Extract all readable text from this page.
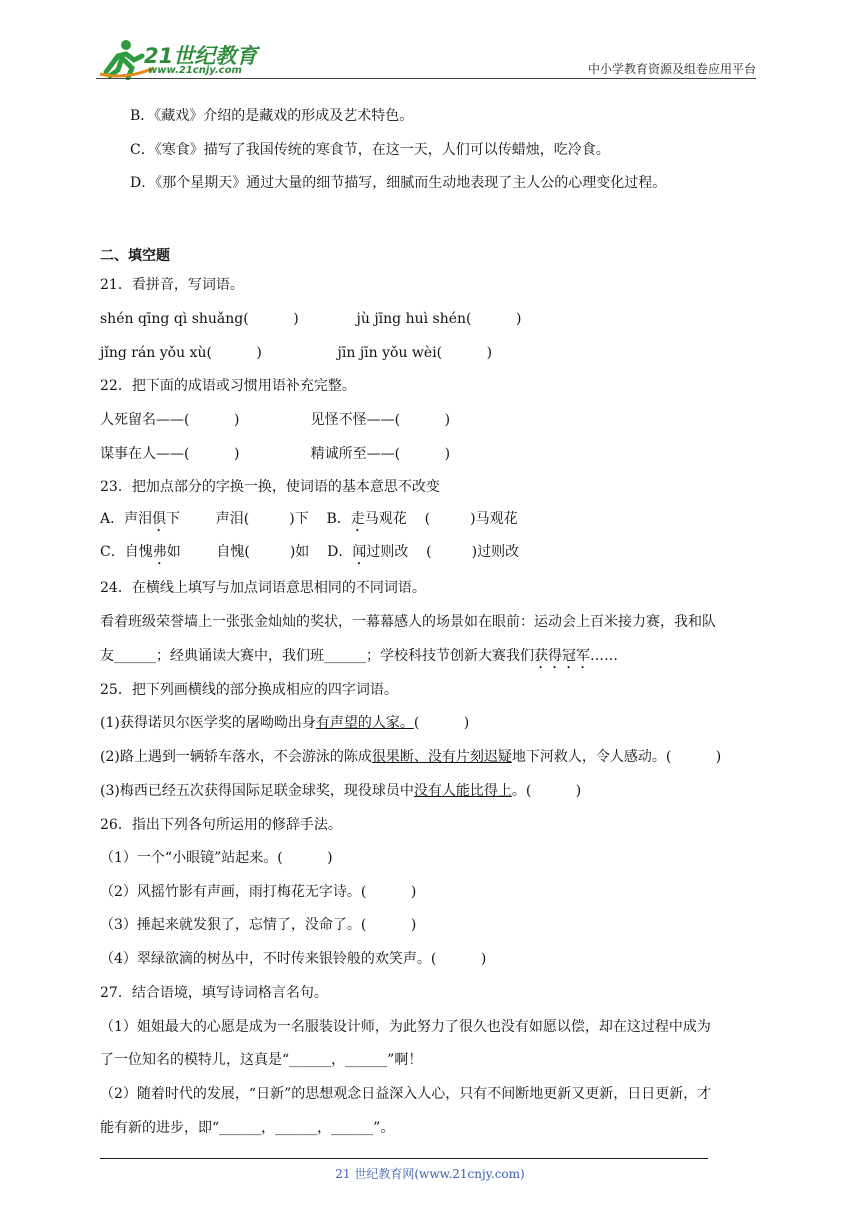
21世纪教育
www.21cnjy.com	中小学教育资源及组卷应用平台
B．《藏戏》介绍的是藏戏的形成及艺术特色。
C．《寒食》描写了我国传统的寒食节，在这一天，人们可以传蜡烛，吃冷食。
D．《那个星期天》通过大量的细节描写，细腻而生动地表现了主人公的心理变化过程。
二、填空题
21．看拼音，写词语。
shén qīng qì shuǎng(          )             jù jīng huì shén(          )
jǐng rán yǒu xù(          )                 jīn jīn yǒu wèi(          )
22．把下面的成语或习惯用语补充完整。
人死留名——(          )                见怪不怪——(          )
谋事在人——(          )                精诚所至——(          )
23．把加点部分的字换一换，使词语的基本意思不改变
A．声泪俱下        声泪(         )下    B．走马观花    (         )马观花
C．自愧弗如        自愧(         )如    D．闻过则改    (         )过则改
24．在横线上填写与加点词语意思相同的不同词语。
看着班级荣誉墙上一张张金灿灿的奖状，一幕幕感人的场景如在眼前：运动会上百米接力赛，我和队
友______；经典诵读大赛中，我们班______；学校科技节创新大赛我们获得冠军……
25．把下列画横线的部分换成相应的四字词语。
(1)获得诺贝尔医学奖的屠呦呦出身有声望的人家。(          )
(2)路上遇到一辆轿车落水，不会游泳的陈成很果断、没有片刻迟疑地下河救人，令人感动。(          )
(3)梅西已经五次获得国际足联金球奖，现役球员中没有人能比得上。(          )
26．指出下列各句所运用的修辞手法。
（1）一个“小眼镜”站起来。(          )
（2）风摇竹影有声画，雨打梅花无字诗。(          )
（3）捶起来就发狠了，忘情了，没命了。(          )
（4）翠绿欲滴的树丛中，不时传来银铃般的欢笑声。(          )
27．结合语境，填写诗词格言名句。
（1）姐姐最大的心愿是成为一名服装设计师，为此努力了很久也没有如愿以偿，却在这过程中成为
了一位知名的模特儿，这真是“______，______”啊！
（2）随着时代的发展，“日新”的思想观念日益深入人心，只有不间断地更新又更新，日日更新，才
能有新的进步，即“______，______，______”。
21 世纪教育网(www.21cnjy.com)
